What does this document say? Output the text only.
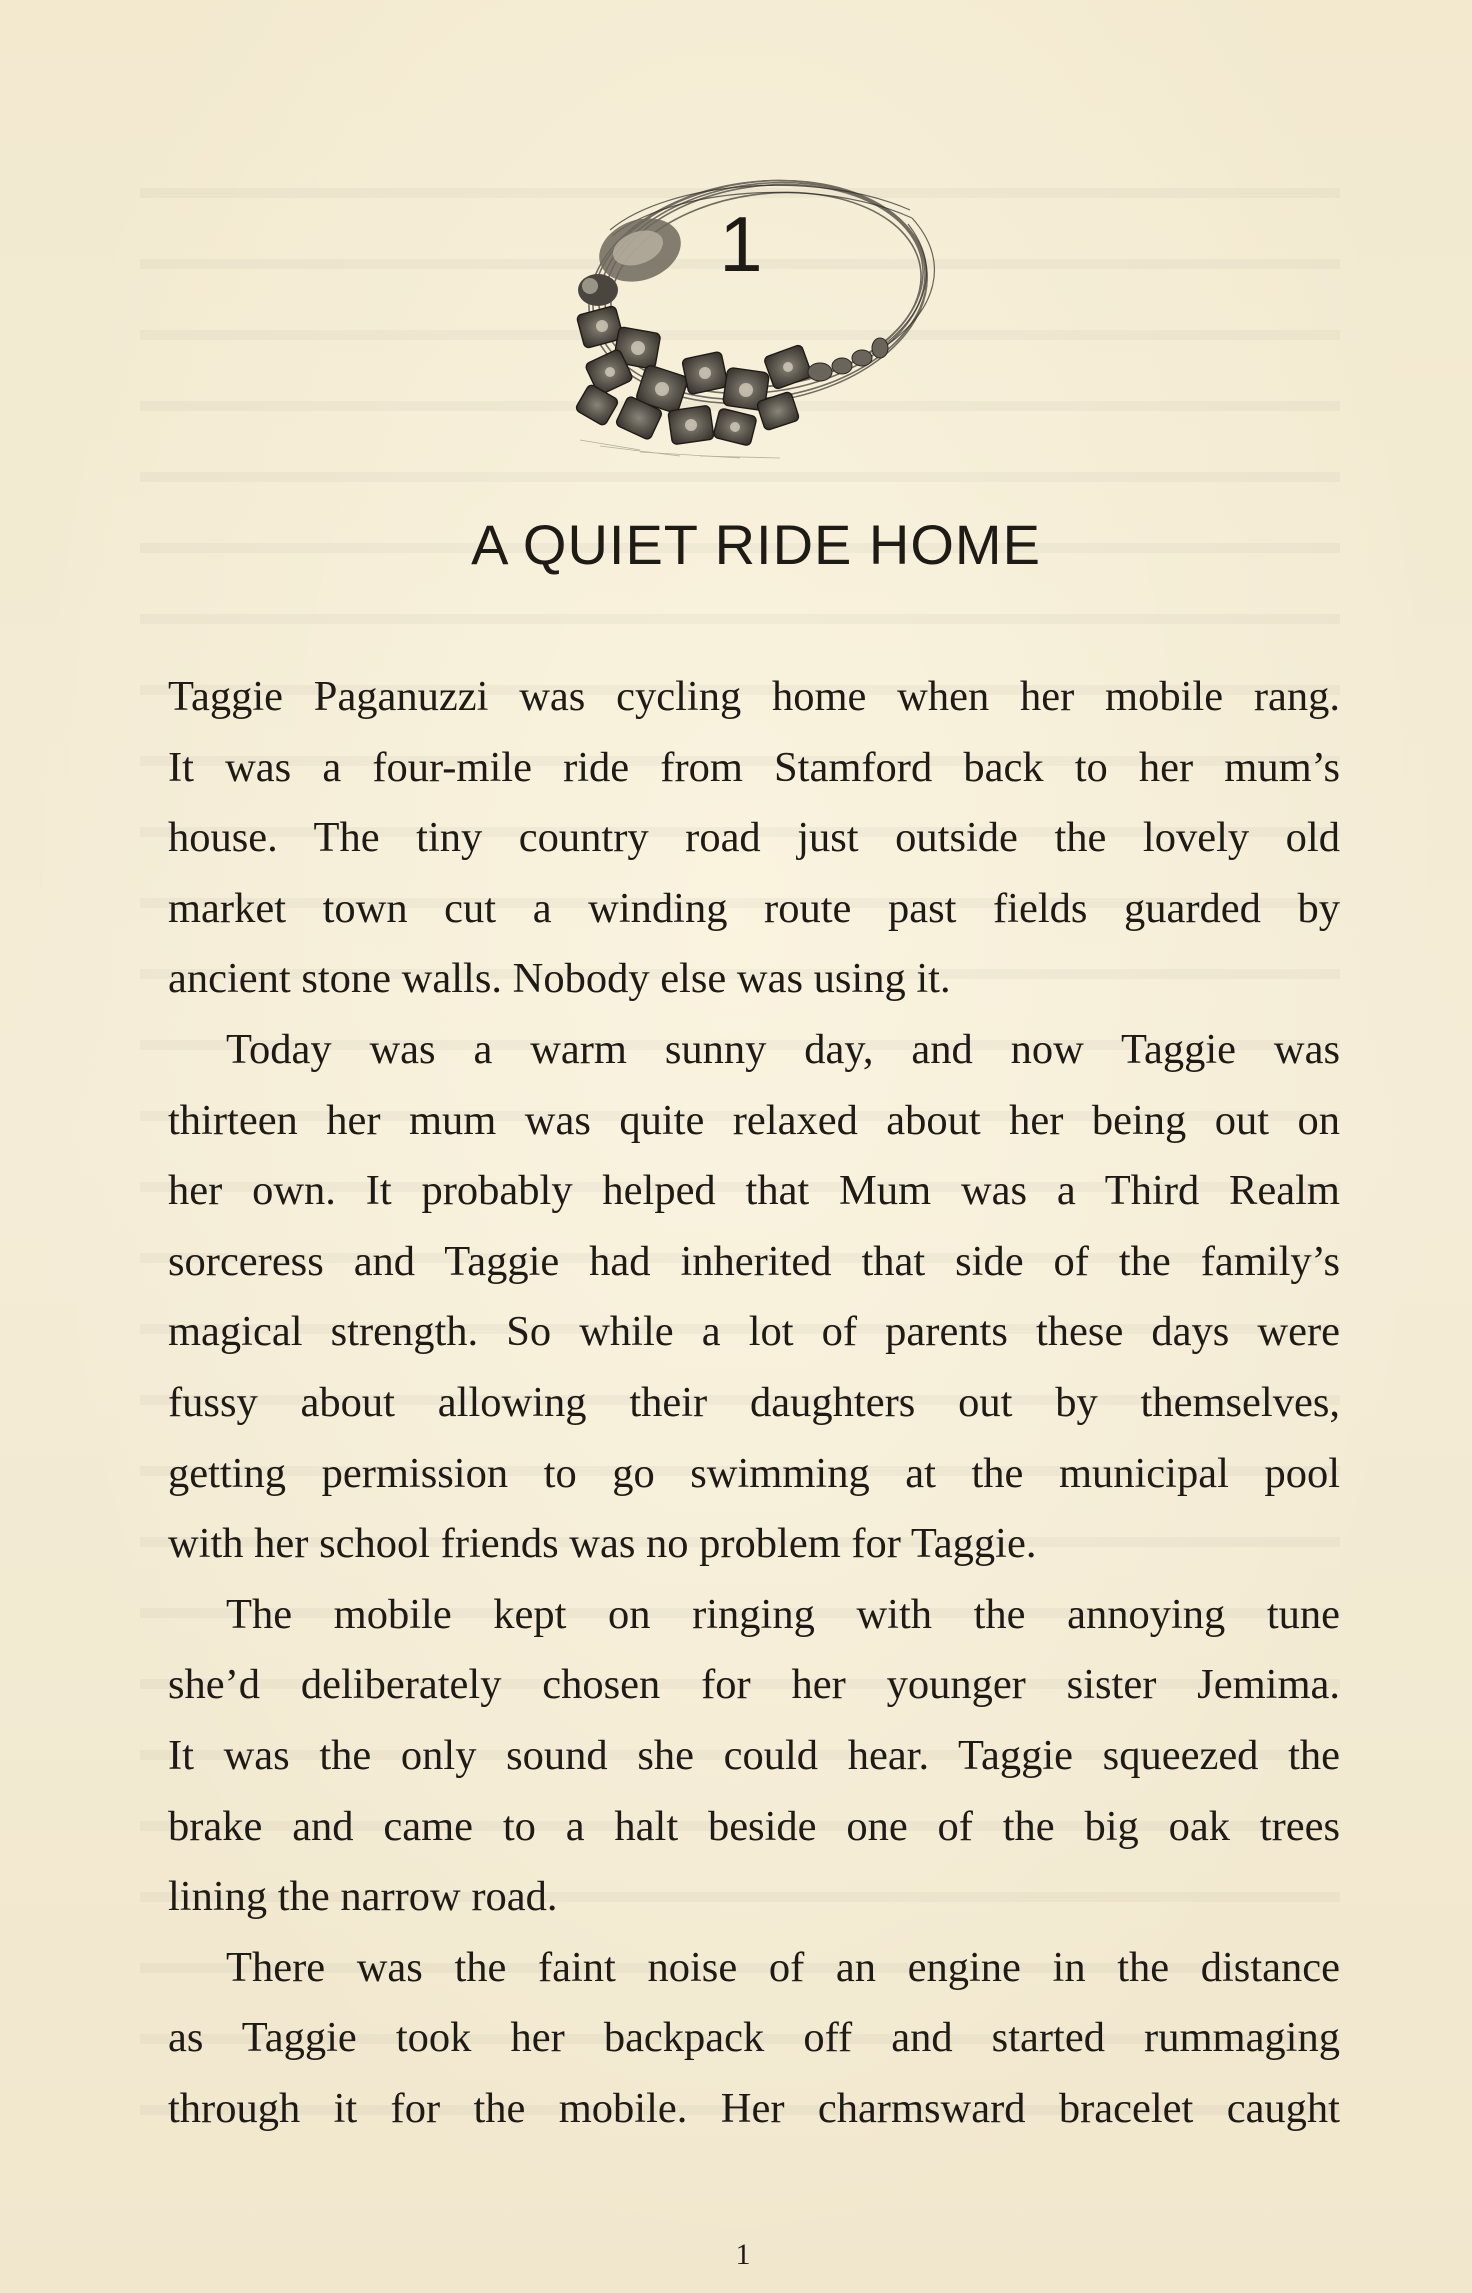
1
A QUIET RIDE HOME
Taggie Paganuzzi was cycling home when her mobile rang.
It was a four-mile ride from Stamford back to her mum’s
house. The tiny country road just outside the lovely old
market town cut a winding route past fields guarded by
ancient stone walls. Nobody else was using it.
Today was a warm sunny day, and now Taggie was
thirteen her mum was quite relaxed about her being out on
her own. It probably helped that Mum was a Third Realm
sorceress and Taggie had inherited that side of the family’s
magical strength. So while a lot of parents these days were
fussy about allowing their daughters out by themselves,
getting permission to go swimming at the municipal pool
with her school friends was no problem for Taggie.
The mobile kept on ringing with the annoying tune
she’d deliberately chosen for her younger sister Jemima.
It was the only sound she could hear. Taggie squeezed the
brake and came to a halt beside one of the big oak trees
lining the narrow road.
There was the faint noise of an engine in the distance
as Taggie took her backpack off and started rummaging
through it for the mobile. Her charmsward bracelet caught
1
